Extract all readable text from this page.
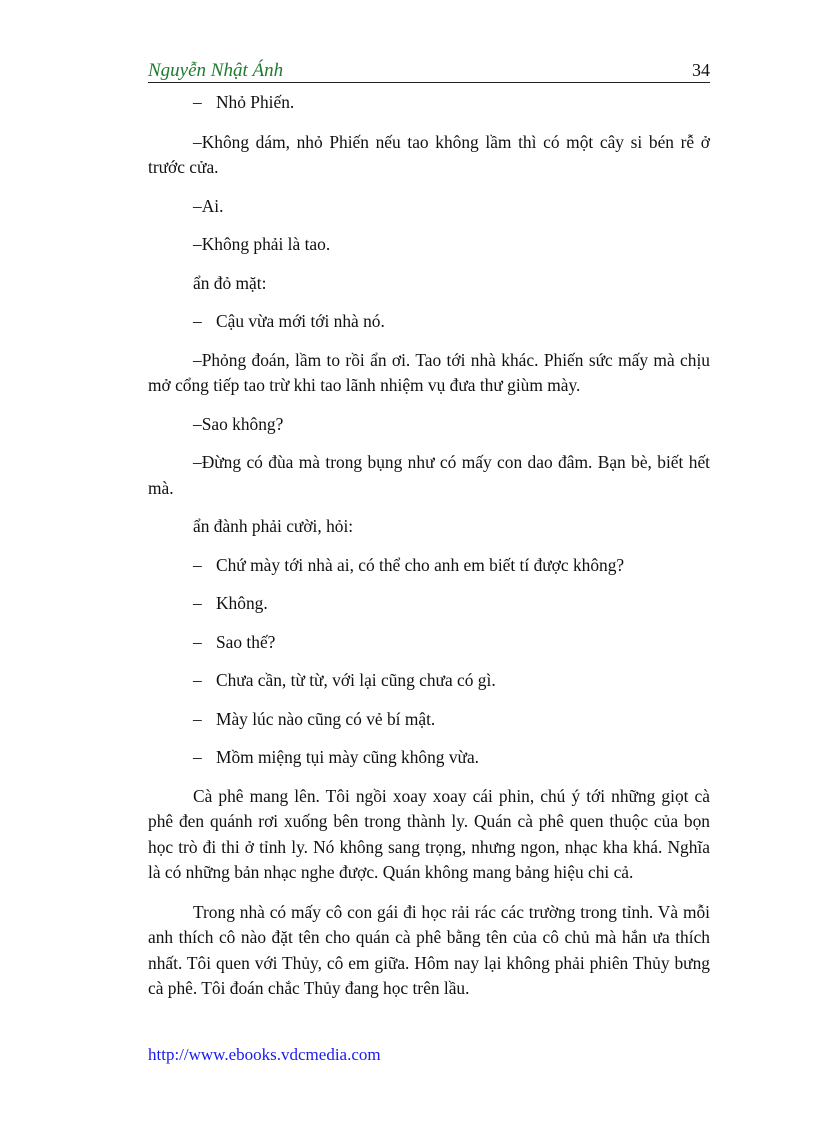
Nguyễn Nhật Ánh	34

– Nhỏ Phiến.

–Không dám, nhỏ Phiến nếu tao không lầm thì có một cây si bén rễ ở trước cửa.

–Ai.

–Không phải là tao.

ẩn đỏ mặt:

– Cậu vừa mới tới nhà nó.

–Phỏng đoán, lầm to rồi ẩn ơi. Tao tới nhà khác. Phiến sức mấy mà chịu mở cổng tiếp tao trừ khi tao lãnh nhiệm vụ đưa thư giùm mày.

–Sao không?

–Đừng có đùa mà trong bụng như có mấy con dao đâm. Bạn bè, biết hết mà.

ẩn đành phải cười, hỏi:

– Chứ mày tới nhà ai, có thể cho anh em biết tí được không?

– Không.

– Sao thế?

– Chưa cần, từ từ, với lại cũng chưa có gì.

– Mày lúc nào cũng có vẻ bí mật.

– Mồm miệng tụi mày cũng không vừa.

Cà phê mang lên. Tôi ngồi xoay xoay cái phin, chú ý tới những giọt cà phê đen quánh rơi xuống bên trong thành ly. Quán cà phê quen thuộc của bọn học trò đi thi ở tỉnh ly. Nó không sang trọng, nhưng ngon, nhạc kha khá. Nghĩa là có những bản nhạc nghe được. Quán không mang bảng hiệu chi cả.

Trong nhà có mấy cô con gái đi học rải rác các trường trong tỉnh. Và mỗi anh thích cô nào đặt tên cho quán cà phê bằng tên của cô chủ mà hắn ưa thích nhất. Tôi quen với Thủy, cô em giữa. Hôm nay lại không phải phiên Thủy bưng cà phê. Tôi đoán chắc Thủy đang học trên lầu.

http://www.ebooks.vdcmedia.com
